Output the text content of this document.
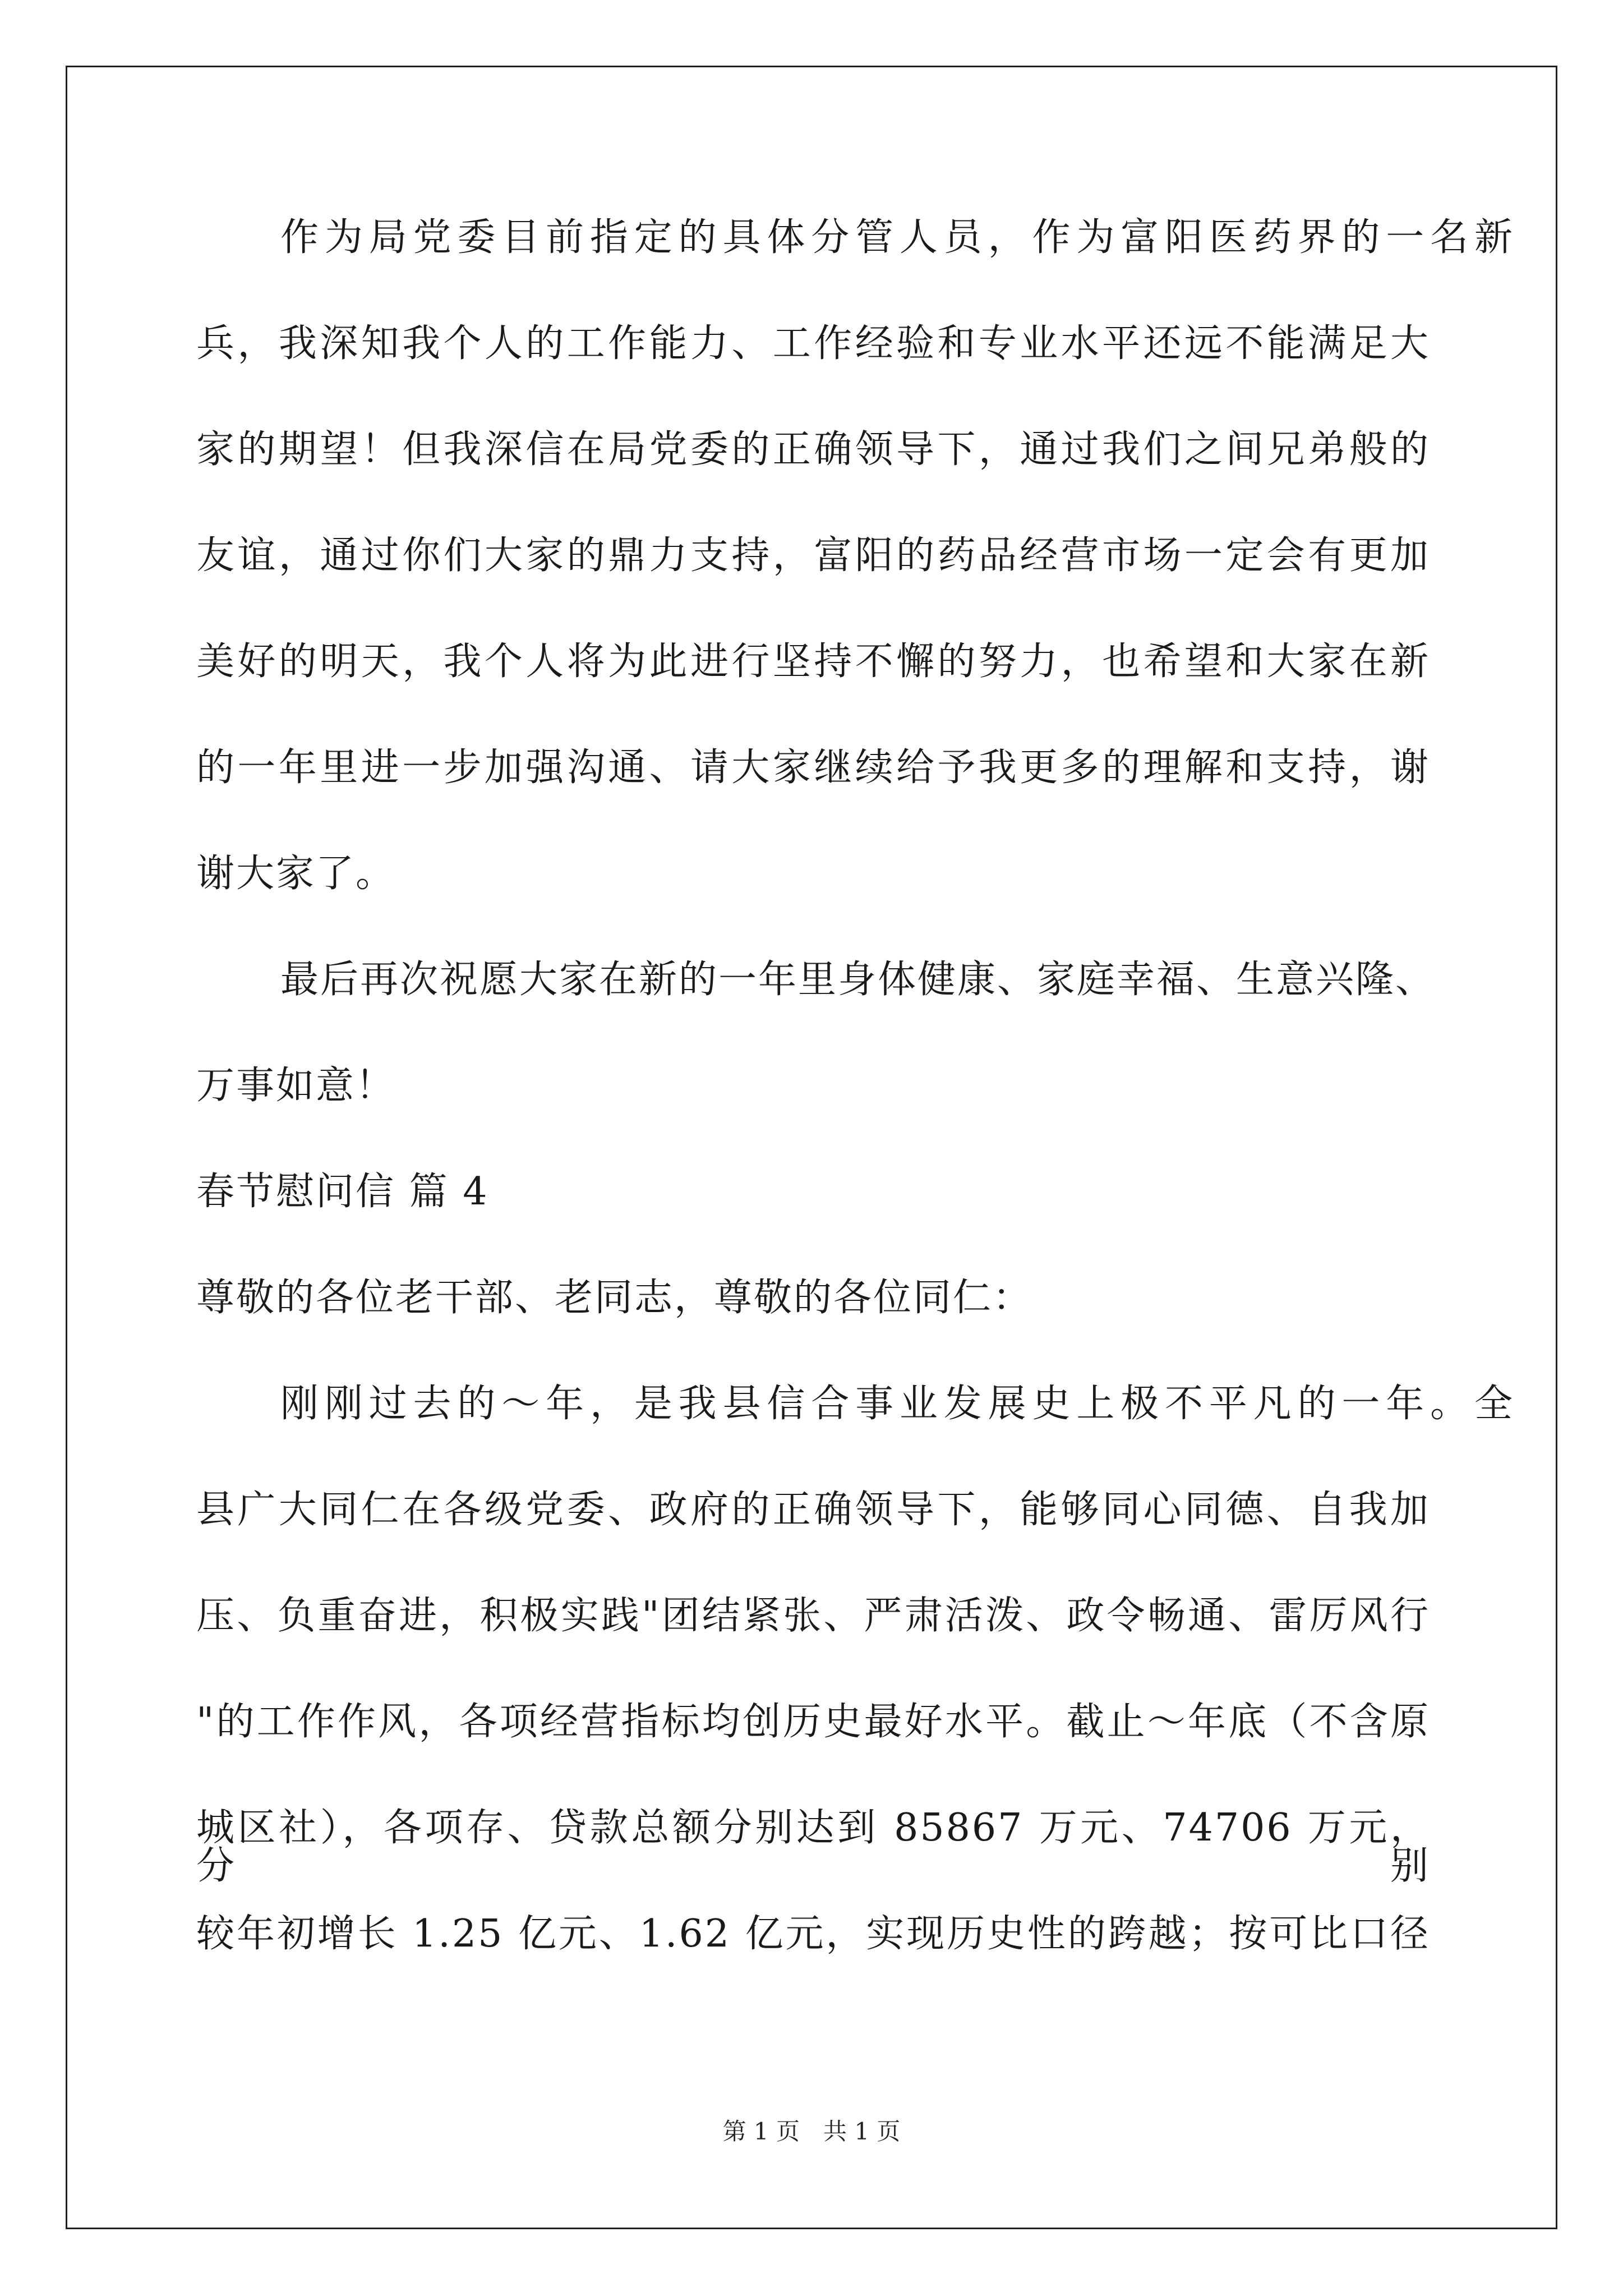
作为局党委目前指定的具体分管人员，作为富阳医药界的一名新
兵，我深知我个人的工作能力、工作经验和专业水平还远不能满足大
家的期望！但我深信在局党委的正确领导下，通过我们之间兄弟般的
友谊，通过你们大家的鼎力支持，富阳的药品经营市场一定会有更加
美好的明天，我个人将为此进行坚持不懈的努力，也希望和大家在新
的一年里进一步加强沟通、请大家继续给予我更多的理解和支持，谢
谢大家了。
最后再次祝愿大家在新的一年里身体健康、家庭幸福、生意兴隆、
万事如意！
春节慰问信 篇 4
尊敬的各位老干部、老同志，尊敬的各位同仁：
刚刚过去的～年，是我县信合事业发展史上极不平凡的一年。全
县广大同仁在各级党委、政府的正确领导下，能够同心同德、自我加
压、负重奋进，积极实践"团结紧张、严肃活泼、政令畅通、雷厉风行
"的工作作风，各项经营指标均创历史最好水平。截止～年底（不含原
城区社），各项存、贷款总额分别达到 85867 万元、74706 万元，分别
较年初增长 1.25 亿元、1.62 亿元，实现历史性的跨越；按可比口径
第 1 页　共 1 页
